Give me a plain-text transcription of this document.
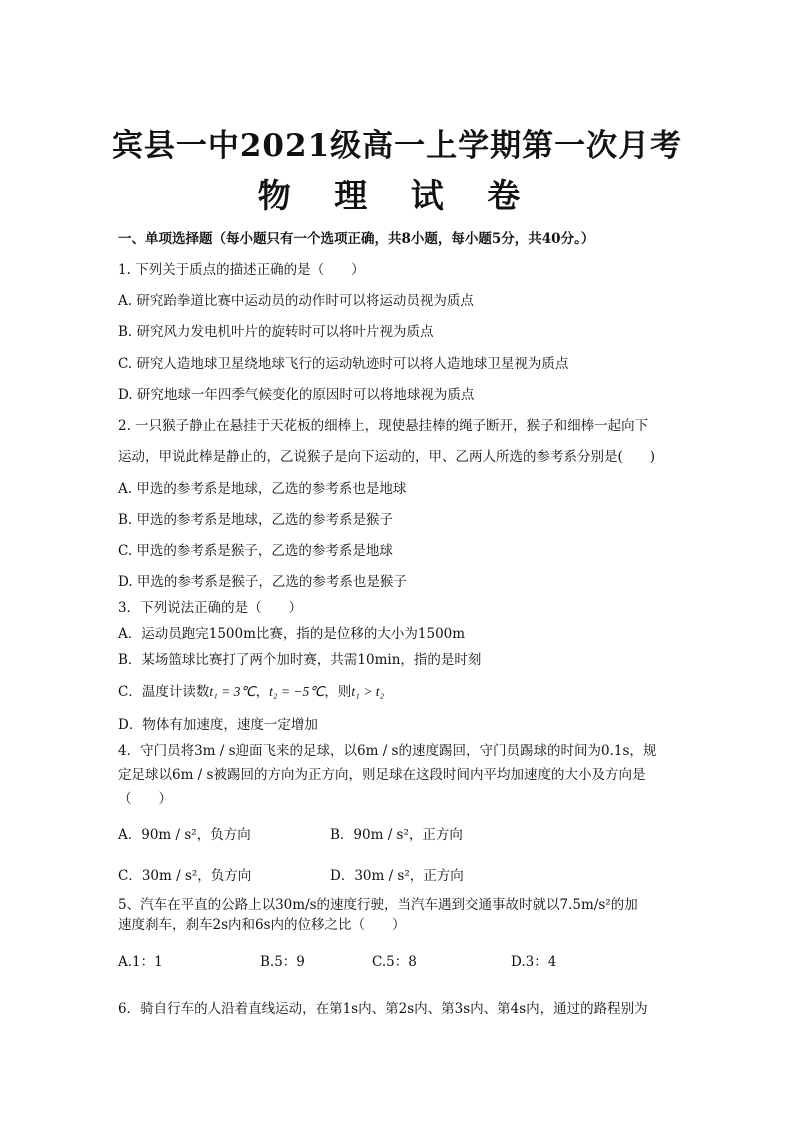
宾县一中2021级高一上学期第一次月考
物 理 试 卷
一、单项选择题（每小题只有一个选项正确，共8小题，每小题5分，共40分。）
1. 下列关于质点的描述正确的是（　　）
A. 研究跆拳道比赛中运动员的动作时可以将运动员视为质点
B. 研究风力发电机叶片的旋转时可以将叶片视为质点
C. 研究人造地球卫星绕地球飞行的运动轨迹时可以将人造地球卫星视为质点
D. 研究地球一年四季气候变化的原因时可以将地球视为质点
2. 一只猴子静止在悬挂于天花板的细棒上，现使悬挂棒的绳子断开，猴子和细棒一起向下
运动，甲说此棒是静止的，乙说猴子是向下运动的，甲、乙两人所选的参考系分别是(　　)
A. 甲选的参考系是地球，乙选的参考系也是地球
B. 甲选的参考系是地球，乙选的参考系是猴子
C. 甲选的参考系是猴子，乙选的参考系是地球
D. 甲选的参考系是猴子，乙选的参考系也是猴子
3．下列说法正确的是（　　）
A．运动员跑完1500m比赛，指的是位移的大小为1500m
B．某场篮球比赛打了两个加时赛，共需10min，指的是时刻
C．温度计读数t₁ = 3℃，t₂ = −5℃，则t₁ > t₂
D．物体有加速度，速度一定增加
4．守门员将3m / s迎面飞来的足球，以6m / s的速度踢回，守门员踢球的时间为0.1s，规
定足球以6m / s被踢回的方向为正方向，则足球在这段时间内平均加速度的大小及方向是
（　　）
A．90m / s²，负方向	B．90m / s²，正方向
C．30m / s²，负方向	D．30m / s²，正方向
5、汽车在平直的公路上以30m/s的速度行驶，当汽车遇到交通事故时就以7.5m/s²的加
速度刹车，刹车2s内和6s内的位移之比（　　）
A.1：1	B.5：9	C.5：8	D.3：4
6．骑自行车的人沿着直线运动，在第1s内、第2s内、第3s内、第4s内，通过的路程别为
